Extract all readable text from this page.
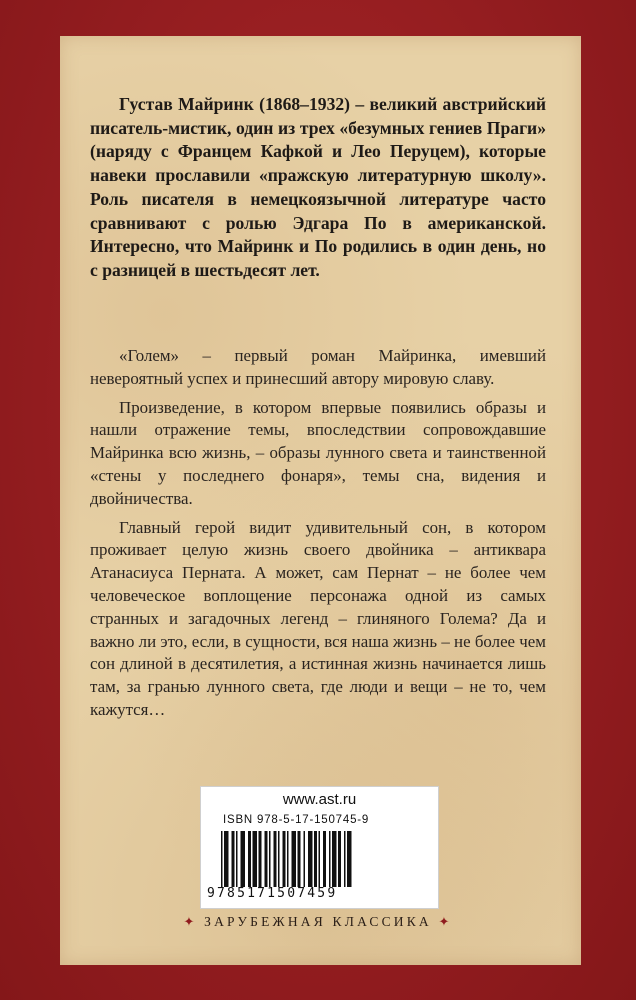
Густав Майринк (1868–1932) – великий австрийский писатель-мистик, один из трех «безумных гениев Праги» (наряду с Францем Кафкой и Лео Перуцем), которые навеки прославили «пражскую литературную школу». Роль писателя в немецкоязычной литературе часто сравнивают с ролью Эдгара По в американской. Интересно, что Майринк и По родились в один день, но с разницей в шестьдесят лет.

«Голем» – первый роман Майринка, имевший невероятный успех и принесший автору мировую славу.

Произведение, в котором впервые появились образы и нашли отражение темы, впоследствии сопровождавшие Майринка всю жизнь, – образы лунного света и таинственной «стены у последнего фонаря», темы сна, видения и двойничества.

Главный герой видит удивительный сон, в котором проживает целую жизнь своего двойника – антиквара Атанасиуса Перната. А может, сам Пернат – не более чем человеческое воплощение персонажа одной из самых странных и загадочных легенд – глиняного Голема? Да и важно ли это, если, в сущности, вся наша жизнь – не более чем сон длиной в десятилетия, а истинная жизнь начинается лишь там, за гранью лунного света, где люди и вещи – не то, чем кажутся…

www.ast.ru
ISBN 978-5-17-150745-9
9785171507459
✦ ЗАРУБЕЖНАЯ КЛАССИКА ✦
